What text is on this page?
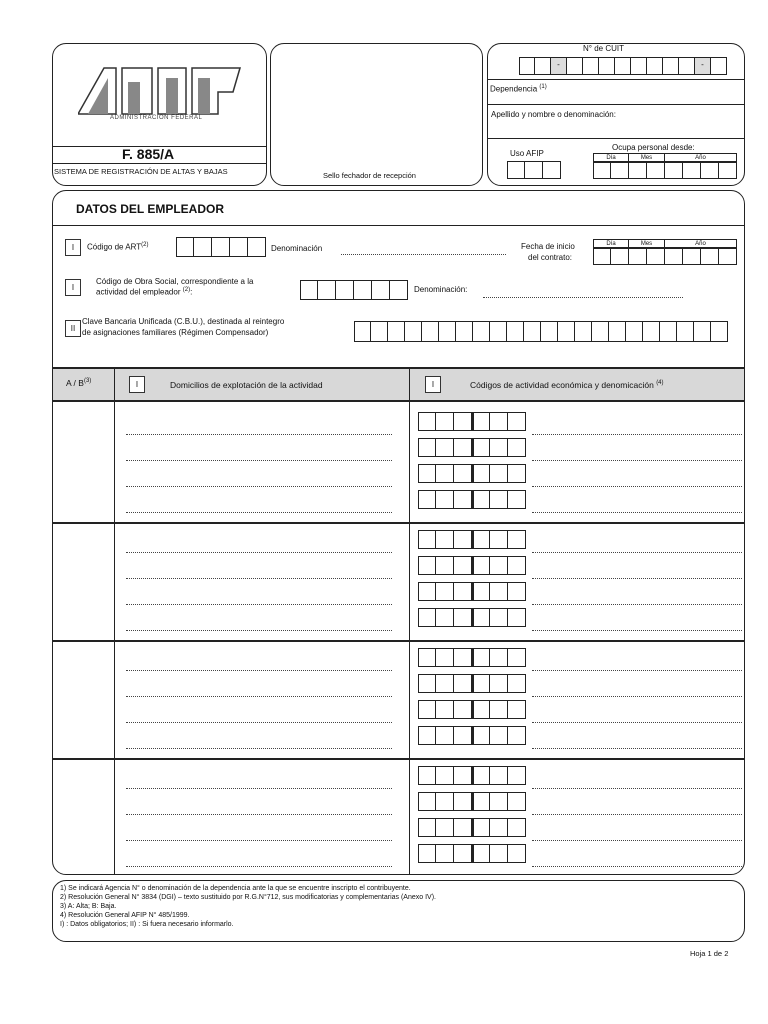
ADMINISTRACION FEDERAL
F. 885/A
SISTEMA DE REGISTRACIÓN DE ALTAS Y BAJAS	Sello fechador de recepción
N° de CUIT
-	-
Dependencia $^{(1)}$
Apellido y nombre o denominación:
Uso AFIP
Ocupa personal desde:
Día	Mes	Año
DATOS DEL EMPLEADOR
I	Código de ART$^{(2)}$	Denominación	Fecha de inicio
del contrato:
Día	Mes	Año
I
Código de Obra Social, correspondiente a la
actividad del empleador $^{(2)}$:	Denominación:
II
Clave Bancaria Unificada (C.B.U.), destinada al reintegro
de asignaciones familiares (Régimen Compensador)
A / $B^{(3)}$	I	Domicilios de explotación de la actividad	I	Códigos de actividad económica y denomicación $^{(4)}$
1) Se indicará Agencia N° o denominación de la dependencia ante la que se encuentre inscripto el contribuyente.
2) Resolución General N° 3834 (DGI) – texto sustituido por R.G.N°712, sus modificatorias y complementarias (Anexo IV).
3) A: Alta; B: Baja.
4) Resolución General AFIP N° 485/1999.
I) : Datos obligatorios; II) : Si fuera necesario informarlo.
Hoja 1 de 2
